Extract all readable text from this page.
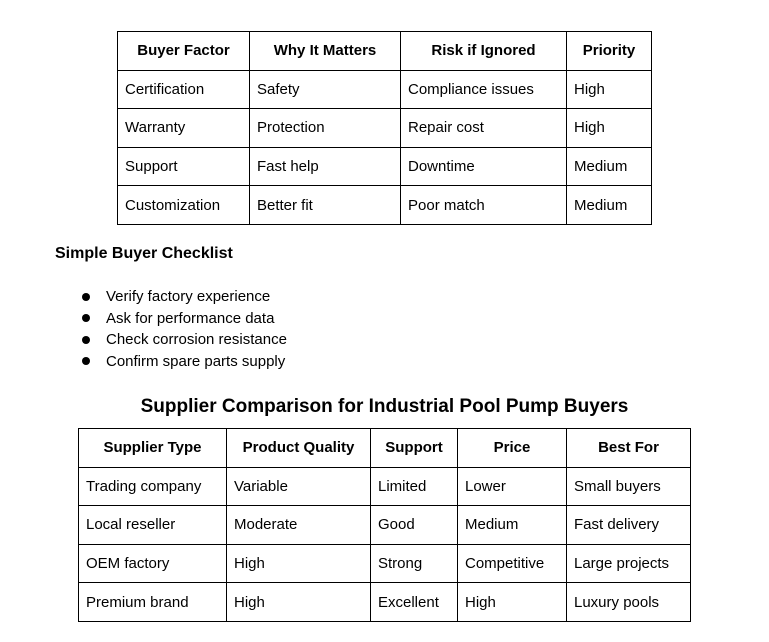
Buyer Factor	Why It Matters	Risk if Ignored	Priority
Certification	Safety	Compliance issues	High
Warranty	Protection	Repair cost	High
Support	Fast help	Downtime	Medium
Customization	Better fit	Poor match	Medium
Simple Buyer Checklist
Verify factory experience
Ask for performance data
Check corrosion resistance
Confirm spare parts supply
Supplier Comparison for Industrial Pool Pump Buyers
Supplier Type	Product Quality	Support	Price	Best For
Trading company	Variable	Limited	Lower	Small buyers
Local reseller	Moderate	Good	Medium	Fast delivery
OEM factory	High	Strong	Competitive	Large projects
Premium brand	High	Excellent	High	Luxury pools
